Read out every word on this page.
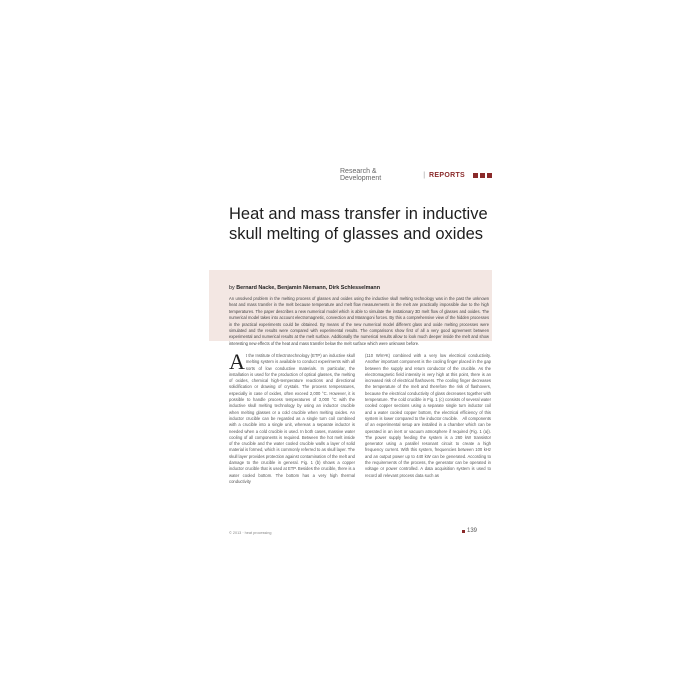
Research & Development	| REPORTS
Heat and mass transfer in inductive skull melting of glasses and oxides
by Bernard Nacke, Benjamin Niemann, Dirk Schlesselmann

An unsolved problem in the melting process of glasses and oxides using the inductive skull melting technology was in the past the unknown heat and mass transfer in the melt because temperature and melt flow measurements in the melt are practically impossible due to the high temperatures. The paper describes a new numerical model which is able to simulate the instationary 3D melt flow of glasses and oxides. The numerical model takes into account electromagnetic, convection and Marangoni forces. By this a comprehensive view of the hidden processes in the practical experiments could be obtained. By means of the new numerical model different glass and oxide melting processes were simulated and the results were compared with experimental results. The comparisons show first of all a very good agreement between experimental and numerical results at the melt surface. Additionally the numerical results allow to look much deeper inside the melt and show interesting new effects of the heat and mass transfer below the melt surface which were unknown before.

A t the Institute of Electrotechnology (ETP) an inductive skull melting system is available to conduct experiments with all sorts of low conductive materials. In particular, the installation is used for the production of optical glasses, the melting of oxides, chemical high-temperature reactions and directional solidification or drawing of crystals. The process temperatures, especially in case of oxides, often exceed 2,000 °C. However, it is possible to handle process temperatures of 3,000 °C with the inductive skull melting technology by using an inductor crucible when melting glasses or a cold crucible when melting oxides. An inductor crucible can be regarded as a single turn coil combined with a crucible into a single unit, whereas a separate inductor is needed when a cold crucible is used. In both cases, massive water cooling of all components is required. Between the hot melt inside of the crucible and the water cooled crucible walls a layer of solid material is formed, which is commonly referred to as skull layer. The skull layer provides protection against contamination of the melt and damage to the crucible in general. Fig. 1 (b) shows a copper inductor crucible that is used at ETP. Besides the crucible, there is a water cooled bottom. The bottom has a very high thermal conductivity

(110 W/m²K) combined with a very low electrical conductivity. Another important component is the cooling finger placed in the gap between the supply and return conductor of the crucible. As the electromagnetic field intensity is very high at this point, there is an increased risk of electrical flashovers. The cooling finger decreases the temperature of the melt and therefore the risk of flashovers, because the electrical conductivity of glass decreases together with temperature. The cold crucible in Fig. 1 (c) consists of several water cooled copper sections using a separate single turn inductor coil and a water cooled copper bottom, the electrical efficiency of this system is lower compared to the inductor crucible. All components of an experimental setup are installed in a chamber which can be operated in an inert or vacuum atmosphere if required (Fig. 1 (a)). The power supply feeding the system is a 260 kW transistor generator using a parallel resonant circuit to create a high frequency current. With this system, frequencies between 100 kHz and an output power up to 440 kW can be generated. According to the requirements of the process, the generator can be operated in voltage or power controlled. A data acquisition system is used to record all relevant process data such as

© 2013 · heat processing	139
